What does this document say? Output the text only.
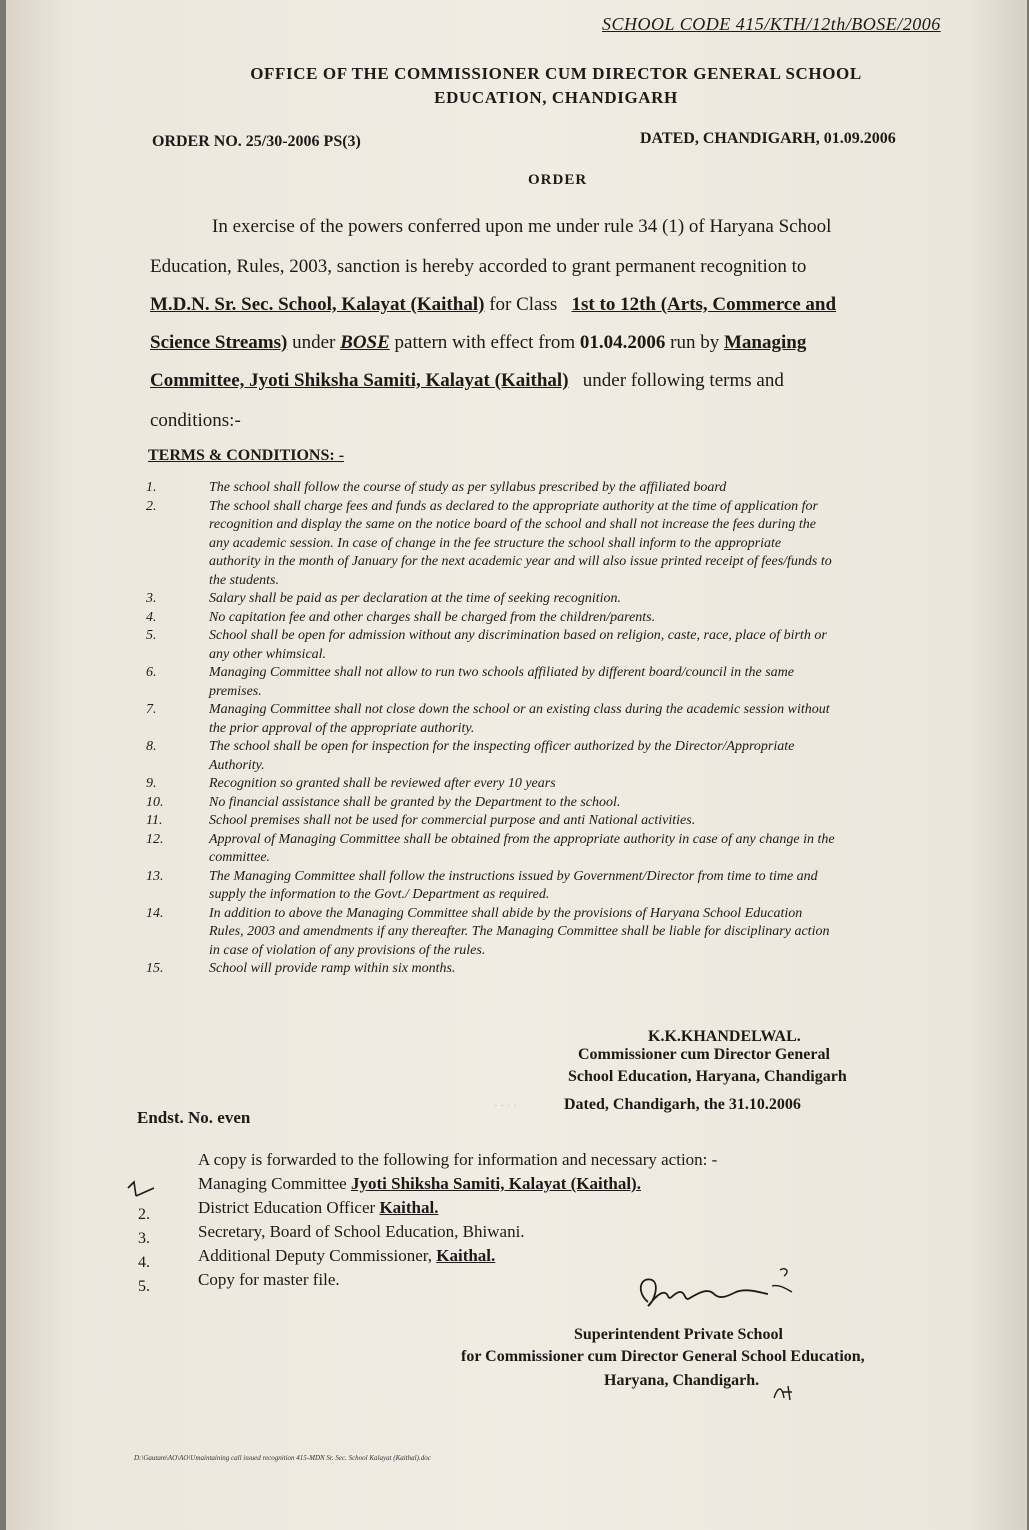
SCHOOL CODE 415/KTH/12th/BOSE/2006
OFFICE OF THE COMMISSIONER CUM DIRECTOR GENERAL SCHOOL
EDUCATION, CHANDIGARH
ORDER NO. 25/30-2006 PS(3)	DATED, CHANDIGARH, 01.09.2006
ORDER
In exercise of the powers conferred upon me under rule 34 (1) of Haryana School
Education, Rules, 2003, sanction is hereby accorded to grant permanent recognition to
M.D.N. Sr. Sec. School, Kalayat (Kaithal) for Class 1st to 12th (Arts, Commerce and
Science Streams) under BOSE pattern with effect from 01.04.2006 run by Managing
Committee, Jyoti Shiksha Samiti, Kalayat (Kaithal) under following terms and
conditions:-
TERMS & CONDITIONS: -
1.	The school shall follow the course of study as per syllabus prescribed by the affiliated board
2.	The school shall charge fees and funds as declared to the appropriate authority at the time of application for
recognition and display the same on the notice board of the school and shall not increase the fees during the
any academic session. In case of change in the fee structure the school shall inform to the appropriate
authority in the month of January for the next academic year and will also issue printed receipt of fees/funds to
the students.
3.	Salary shall be paid as per declaration at the time of seeking recognition.
4.	No capitation fee and other charges shall be charged from the children/parents.
5.	School shall be open for admission without any discrimination based on religion, caste, race, place of birth or
any other whimsical.
6.	Managing Committee shall not allow to run two schools affiliated by different board/council in the same
premises.
7.	Managing Committee shall not close down the school or an existing class during the academic session without
the prior approval of the appropriate authority.
8.	The school shall be open for inspection for the inspecting officer authorized by the Director/Appropriate
Authority.
9.	Recognition so granted shall be reviewed after every 10 years
10.	No financial assistance shall be granted by the Department to the school.
11.	School premises shall not be used for commercial purpose and anti National activities.
12.	Approval of Managing Committee shall be obtained from the appropriate authority in case of any change in the
committee.
13.	The Managing Committee shall follow the instructions issued by Government/Director from time to time and
supply the information to the Govt./ Department as required.
14.	In addition to above the Managing Committee shall abide by the provisions of Haryana School Education
Rules, 2003 and amendments if any thereafter. The Managing Committee shall be liable for disciplinary action
in case of violation of any provisions of the rules.
15.	School will provide ramp within six months.
K.K.KHANDELWAL.
Commissioner cum Director General
School Education, Haryana, Chandigarh
Dated, Chandigarh, the 31.10.2006
· · · ·
Endst. No. even
A copy is forwarded to the following for information and necessary action: -
Managing Committee Jyoti Shiksha Samiti, Kalayat (Kaithal).
2.	District Education Officer Kaithal.
3.	Secretary, Board of School Education, Bhiwani.
4.	Additional Deputy Commissioner, Kaithal.
5.	Copy for master file.
Superintendent Private School
for Commissioner cum Director General School Education,
Haryana, Chandigarh.
D:\Gautam\AO\AO\Umaintaining call issued recognition 415-MDN Sr. Sec. School Kalayat (Kaithal).doc
